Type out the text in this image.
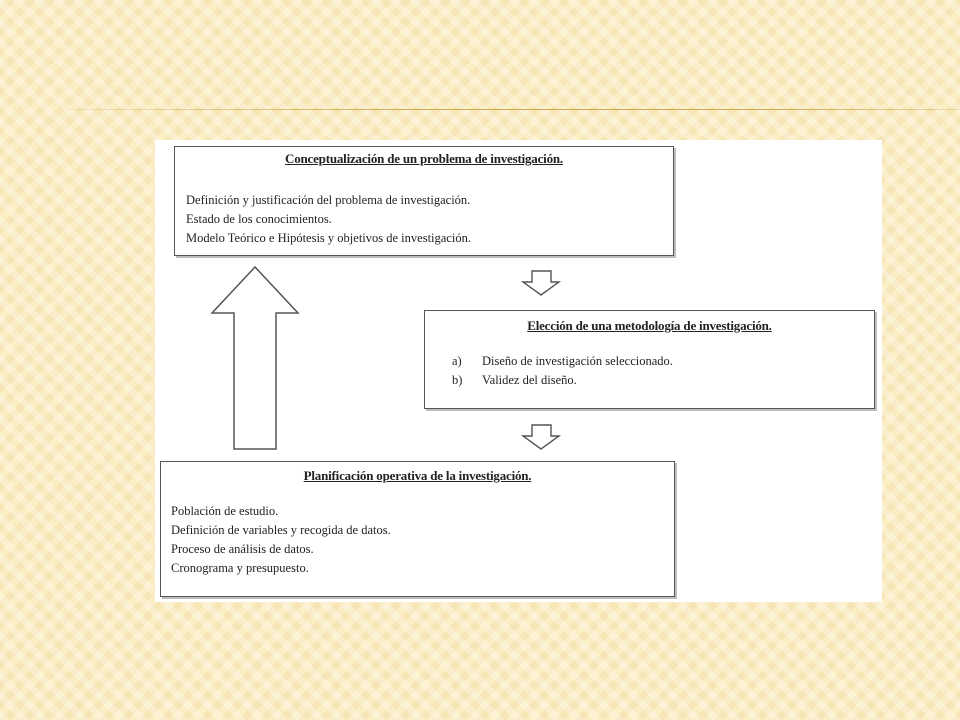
Conceptualización de un problema de investigación.

Definición y justificación del problema de investigación.
Estado de los conocimientos.
Modelo Teórico e Hipótesis y objetivos de investigación.

Elección de una metodología de investigación.

a) Diseño de investigación seleccionado.
b) Validez del diseño.

Planificación operativa de la investigación.

Población de estudio.
Definición de variables y recogida de datos.
Proceso de análisis de datos.
Cronograma y presupuesto.
